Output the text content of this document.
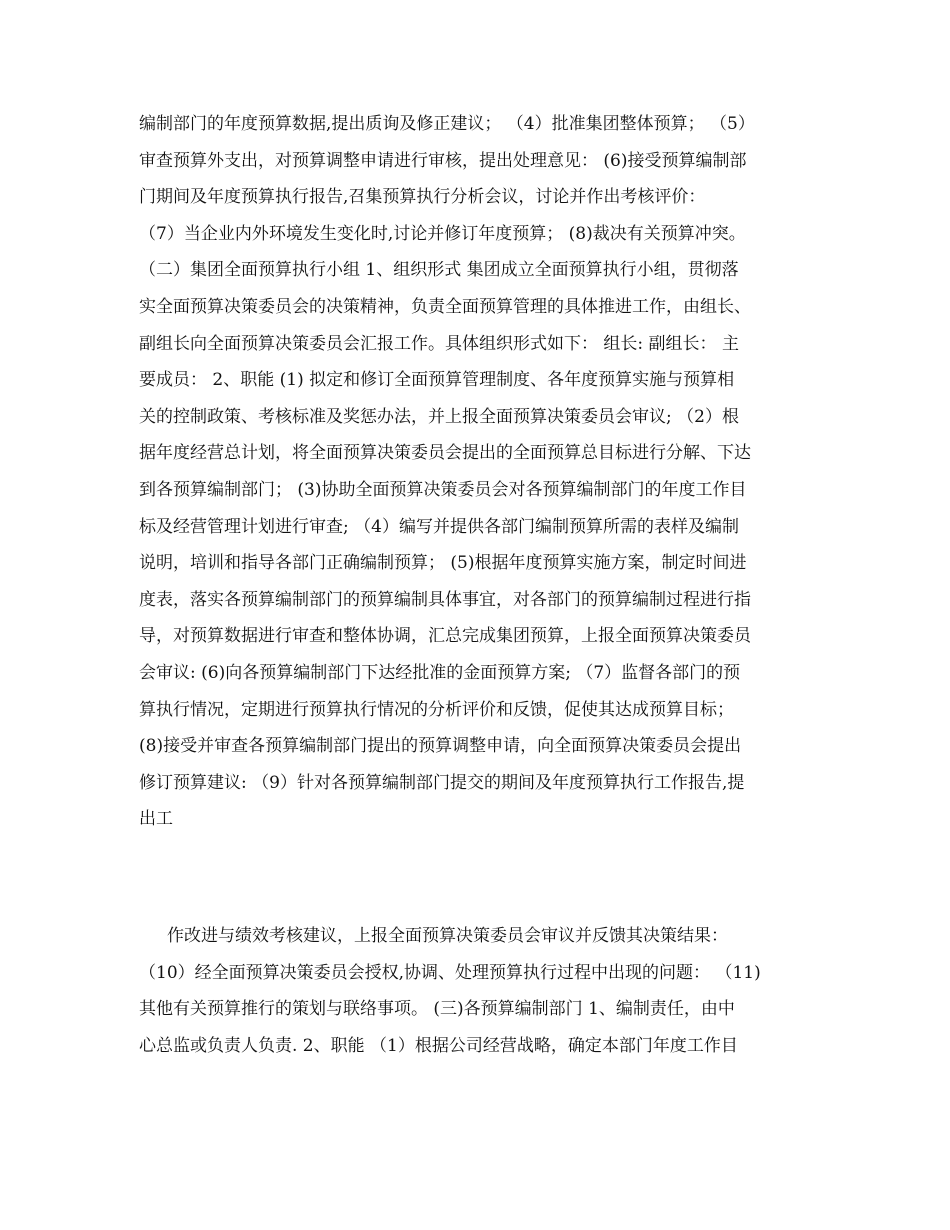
编制部门的年度预算数据,提出质询及修正建议； （4）批准集团整体预算； （5）
审查预算外支出，对预算调整申请进行审核，提出处理意见： (6)接受预算编制部
门期间及年度预算执行报告,召集预算执行分析会议，讨论并作出考核评价：
（7）当企业内外环境发生变化时,讨论并修订年度预算； (8)裁决有关预算冲突。
（二）集团全面预算执行小组 1、组织形式 集团成立全面预算执行小组，贯彻落
实全面预算决策委员会的决策精神，负责全面预算管理的具体推进工作，由组长、
副组长向全面预算决策委员会汇报工作。具体组织形式如下： 组长: 副组长： 主
要成员： 2、职能 (1) 拟定和修订全面预算管理制度、各年度预算实施与预算相
关的控制政策、考核标准及奖惩办法，并上报全面预算决策委员会审议; （2）根
据年度经营总计划，将全面预算决策委员会提出的全面预算总目标进行分解、下达
到各预算编制部门； (3)协助全面预算决策委员会对各预算编制部门的年度工作目
标及经营管理计划进行审查; （4）编写并提供各部门编制预算所需的表样及编制
说明，培训和指导各部门正确编制预算； (5)根据年度预算实施方案，制定时间进
度表，落实各预算编制部门的预算编制具体事宜，对各部门的预算编制过程进行指
导，对预算数据进行审查和整体协调，汇总完成集团预算，上报全面预算决策委员
会审议: (6)向各预算编制部门下达经批准的金面预算方案; （7）监督各部门的预
算执行情况，定期进行预算执行情况的分析评价和反馈，促使其达成预算目标；
(8)接受并审查各预算编制部门提出的预算调整申请，向全面预算决策委员会提出
修订预算建议: （9）针对各预算编制部门提交的期间及年度预算执行工作报告,提
出工
作改进与绩效考核建议，上报全面预算决策委员会审议并反馈其决策结果：
（10）经全面预算决策委员会授权,协调、处理预算执行过程中出现的问题： （11)
其他有关预算推行的策划与联络事项。 (三)各预算编制部门 1、编制责任，由中
心总监或负责人负责. 2、职能 （1）根据公司经营战略，确定本部门年度工作目
